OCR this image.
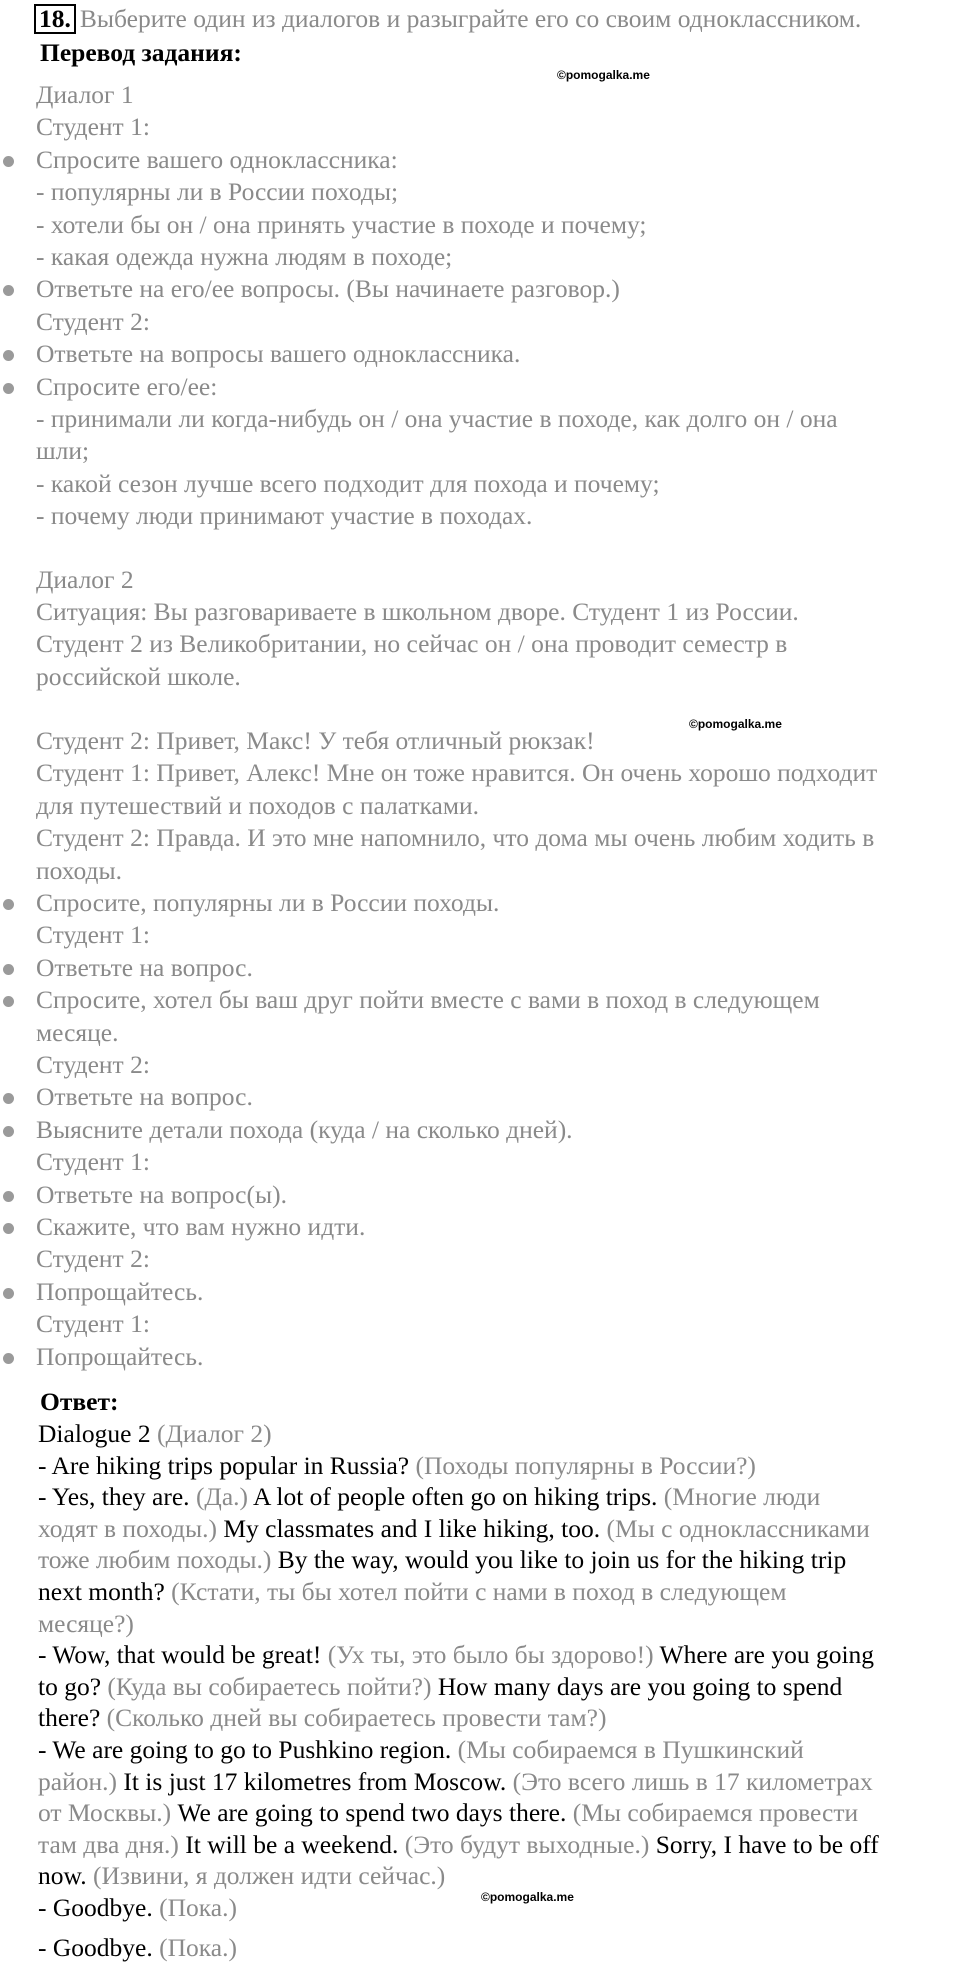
18. Выберите один из диалогов и разыграйте его со своим одноклассником.
Перевод задания:
©pomogalka.me
©pomogalka.me
©pomogalka.me
Диалог 1
Студент 1:
Спросите вашего одноклассника:
- популярны ли в России походы;
- хотели бы он / она принять участие в походе и почему;
- какая одежда нужна людям в походе;
Ответьте на его/ее вопросы. (Вы начинаете разговор.)
Студент 2:
Ответьте на вопросы вашего одноклассника.
Спросите его/ее:
- принимали ли когда-нибудь он / она участие в походе, как долго он / она
шли;
- какой сезон лучше всего подходит для похода и почему;
- почему люди принимают участие в походах.
Диалог 2
Ситуация: Вы разговариваете в школьном дворе. Студент 1 из России.
Студент 2 из Великобритании, но сейчас он / она проводит семестр в
российской школе.
Студент 2: Привет, Макс! У тебя отличный рюкзак!
Студент 1: Привет, Алекс! Мне он тоже нравится. Он очень хорошо подходит
для путешествий и походов с палатками.
Студент 2: Правда. И это мне напомнило, что дома мы очень любим ходить в
походы.
Спросите, популярны ли в России походы.
Студент 1:
Ответьте на вопрос.
Спросите, хотел бы ваш друг пойти вместе с вами в поход в следующем
месяце.
Студент 2:
Ответьте на вопрос.
Выясните детали похода (куда / на сколько дней).
Студент 1:
Ответьте на вопрос(ы).
Скажите, что вам нужно идти.
Студент 2:
Попрощайтесь.
Студент 1:
Попрощайтесь.
Ответ:
Dialogue 2 (Диалог 2)
- Are hiking trips popular in Russia? (Походы популярны в России?)
- Yes, they are. (Да.) A lot of people often go on hiking trips. (Многие люди
ходят в походы.) My classmates and I like hiking, too. (Мы с одноклассниками
тоже любим походы.) By the way, would you like to join us for the hiking trip
next month? (Кстати, ты бы хотел пойти с нами в поход в следующем
месяце?)
- Wow, that would be great! (Ух ты, это было бы здорово!) Where are you going
to go? (Куда вы собираетесь пойти?) How many days are you going to spend
there? (Сколько дней вы собираетесь провести там?)
- We are going to go to Pushkino region. (Мы собираемся в Пушкинский
район.) It is just 17 kilometres from Moscow. (Это всего лишь в 17 километрах
от Москвы.) We are going to spend two days there. (Мы собираемся провести
там два дня.) It will be a weekend. (Это будут выходные.) Sorry, I have to be off
now. (Извини, я должен идти сейчас.)
- Goodbye. (Пока.)
- Goodbye. (Пока.)
